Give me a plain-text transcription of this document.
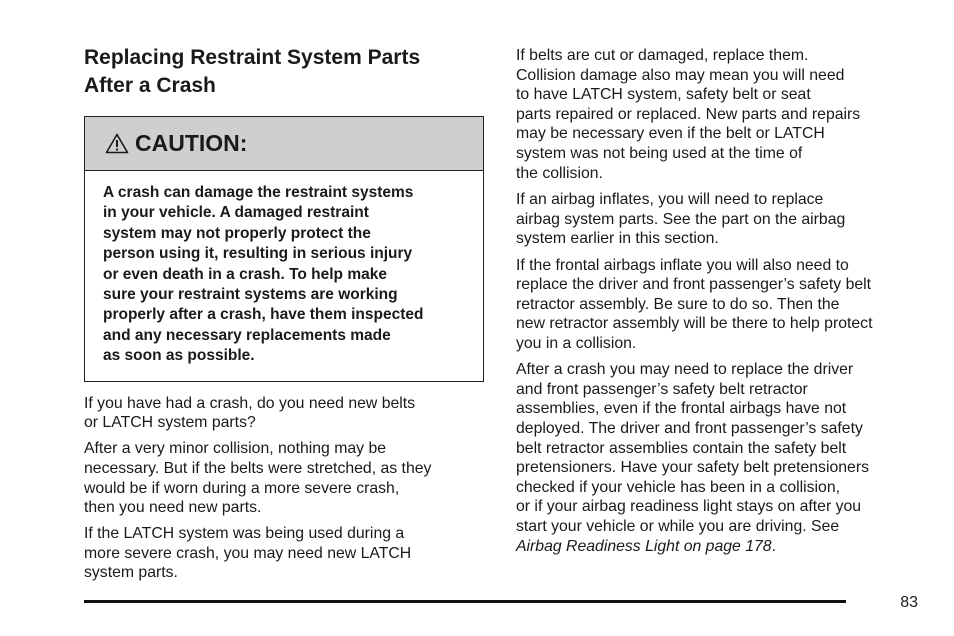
Replacing Restraint System Parts
After a Crash
CAUTION:
A crash can damage the restraint systems
in your vehicle. A damaged restraint
system may not properly protect the
person using it, resulting in serious injury
or even death in a crash. To help make
sure your restraint systems are working
properly after a crash, have them inspected
and any necessary replacements made
as soon as possible.

If you have had a crash, do you need new belts
or LATCH system parts?

After a very minor collision, nothing may be
necessary. But if the belts were stretched, as they
would be if worn during a more severe crash,
then you need new parts.

If the LATCH system was being used during a
more severe crash, you may need new LATCH
system parts.

If belts are cut or damaged, replace them.
Collision damage also may mean you will need
to have LATCH system, safety belt or seat
parts repaired or replaced. New parts and repairs
may be necessary even if the belt or LATCH
system was not being used at the time of
the collision.

If an airbag inflates, you will need to replace
airbag system parts. See the part on the airbag
system earlier in this section.

If the frontal airbags inflate you will also need to
replace the driver and front passenger’s safety belt
retractor assembly. Be sure to do so. Then the
new retractor assembly will be there to help protect
you in a collision.

After a crash you may need to replace the driver
and front passenger’s safety belt retractor
assemblies, even if the frontal airbags have not
deployed. The driver and front passenger’s safety
belt retractor assemblies contain the safety belt
pretensioners. Have your safety belt pretensioners
checked if your vehicle has been in a collision,
or if your airbag readiness light stays on after you
start your vehicle or while you are driving. See
Airbag Readiness Light on page 178.

83
